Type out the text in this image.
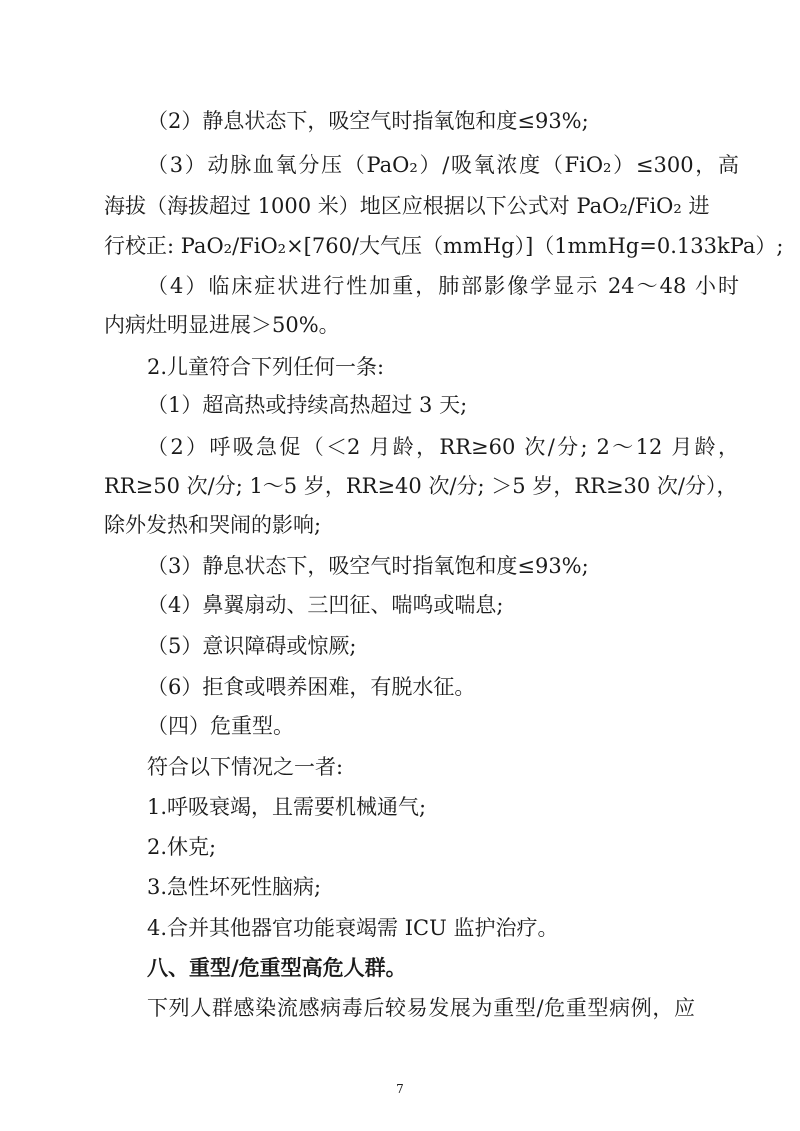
（2）静息状态下，吸空气时指氧饱和度≤93%;
（3）动脉血氧分压（PaO₂）/吸氧浓度（FiO₂）≤300，高
海拔（海拔超过 1000 米）地区应根据以下公式对 PaO₂/FiO₂ 进
行校正: PaO₂/FiO₂×[760/大气压（mmHg）]（1mmHg=0.133kPa）;
（4）临床症状进行性加重，肺部影像学显示 24～48 小时
内病灶明显进展＞50%。
2.儿童符合下列任何一条:
（1）超高热或持续高热超过 3 天;
（2）呼吸急促（＜2 月龄，RR≥60 次/分; 2～12 月龄，
RR≥50 次/分; 1～5 岁，RR≥40 次/分; ＞5 岁，RR≥30 次/分），
除外发热和哭闹的影响;
（3）静息状态下，吸空气时指氧饱和度≤93%;
（4）鼻翼扇动、三凹征、喘鸣或喘息;
（5）意识障碍或惊厥;
（6）拒食或喂养困难，有脱水征。
（四）危重型。
符合以下情况之一者:
1.呼吸衰竭，且需要机械通气;
2.休克;
3.急性坏死性脑病;
4.合并其他器官功能衰竭需 ICU 监护治疗。
八、重型/危重型高危人群。
下列人群感染流感病毒后较易发展为重型/危重型病例，应
7
